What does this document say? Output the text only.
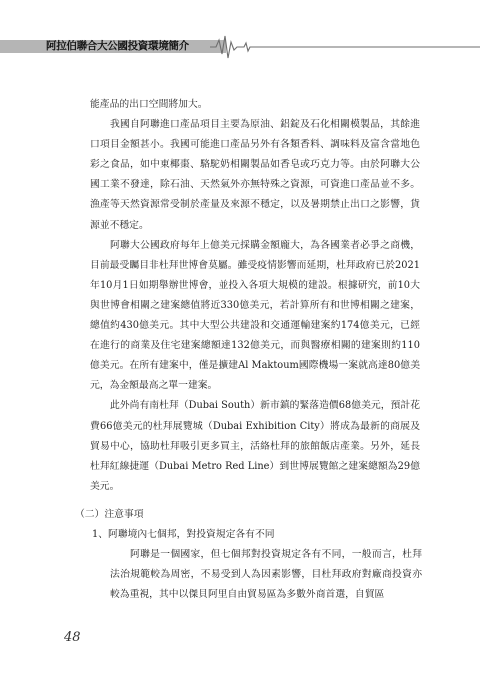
阿拉伯聯合大公國投資環境簡介

能產品的出口空間將加大。

我國自阿聯進口產品項目主要為原油、鋁錠及石化相關模製品，其餘進口項目金額甚小。我國可能進口產品另外有各類香料、調味料及富含當地色彩之食品，如中東椰棗、駱駝奶相關製品如香皂或巧克力等。由於阿聯大公國工業不發達，除石油、天然氣外亦無特殊之資源，可資進口產品並不多。漁產等天然資源常受制於產量及來源不穩定，以及暑期禁止出口之影響，貨源並不穩定。

阿聯大公國政府每年上億美元採購金額龐大，為各國業者必爭之商機，目前最受矚目非杜拜世博會莫屬。雖受疫情影響而延期，杜拜政府已於2021年10月1日如期舉辦世博會，並投入各項大規模的建設。根據研究，前10大與世博會相關之建案總值將近330億美元，若計算所有和世博相關之建案，總值約430億美元。其中大型公共建設和交通運輸建案約174億美元，已經在進行的商業及住宅建案總額達132億美元，而與醫療相關的建案則約110億美元。在所有建案中，僅是擴建Al Maktoum國際機場一案就高達80億美元，為金額最高之單一建案。

此外尚有南杜拜（Dubai South）新市鎮的緊落造價68億美元，預計花費66億美元的杜拜展覽城（Dubai Exhibition City）將成為最新的商展及貿易中心，協助杜拜吸引更多買主，活絡杜拜的旅館飯店產業。另外，延長杜拜紅線捷運（Dubai Metro Red Line）到世博展覽館之建案總額為29億美元。

（二）注意事項
1、阿聯境內七個邦，對投資規定各有不同

阿聯是一個國家，但七個邦對投資規定各有不同，一般而言，杜拜法治規範較為周密，不易受到人為因素影響，目杜拜政府對廠商投資亦較為重視，其中以傑貝阿里自由貿易區為多數外商首選，自貿區

48
